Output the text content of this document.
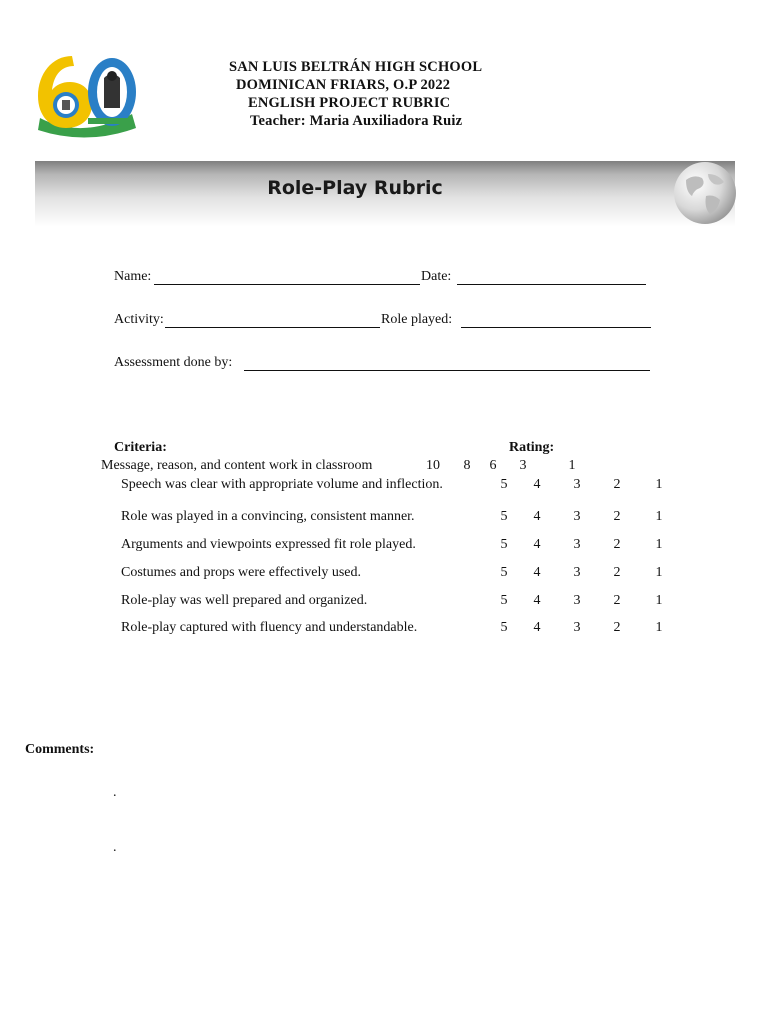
SAN LUIS BELTRÁN HIGH SCHOOL
DOMINICAN FRIARS, O.P 2022
ENGLISH PROJECT RUBRIC
Teacher: Maria Auxiliadora Ruiz
Role-Play Rubric
Name:	Date:
Activity:	Role played:
Assessment done by:
Criteria:	Rating:
Message, reason, and content work in classroom	10	8	6	3	1
Speech was clear with appropriate volume and inflection.	5	4	3	2	1
Role was played in a convincing, consistent manner.	5	4	3	2	1
Arguments and viewpoints expressed fit role played.	5	4	3	2	1
Costumes and props were effectively used.	5	4	3	2	1
Role-play was well prepared and organized.	5	4	3	2	1
Role-play captured with fluency and understandable.	5	4	3	2	1
Comments:
.
.
